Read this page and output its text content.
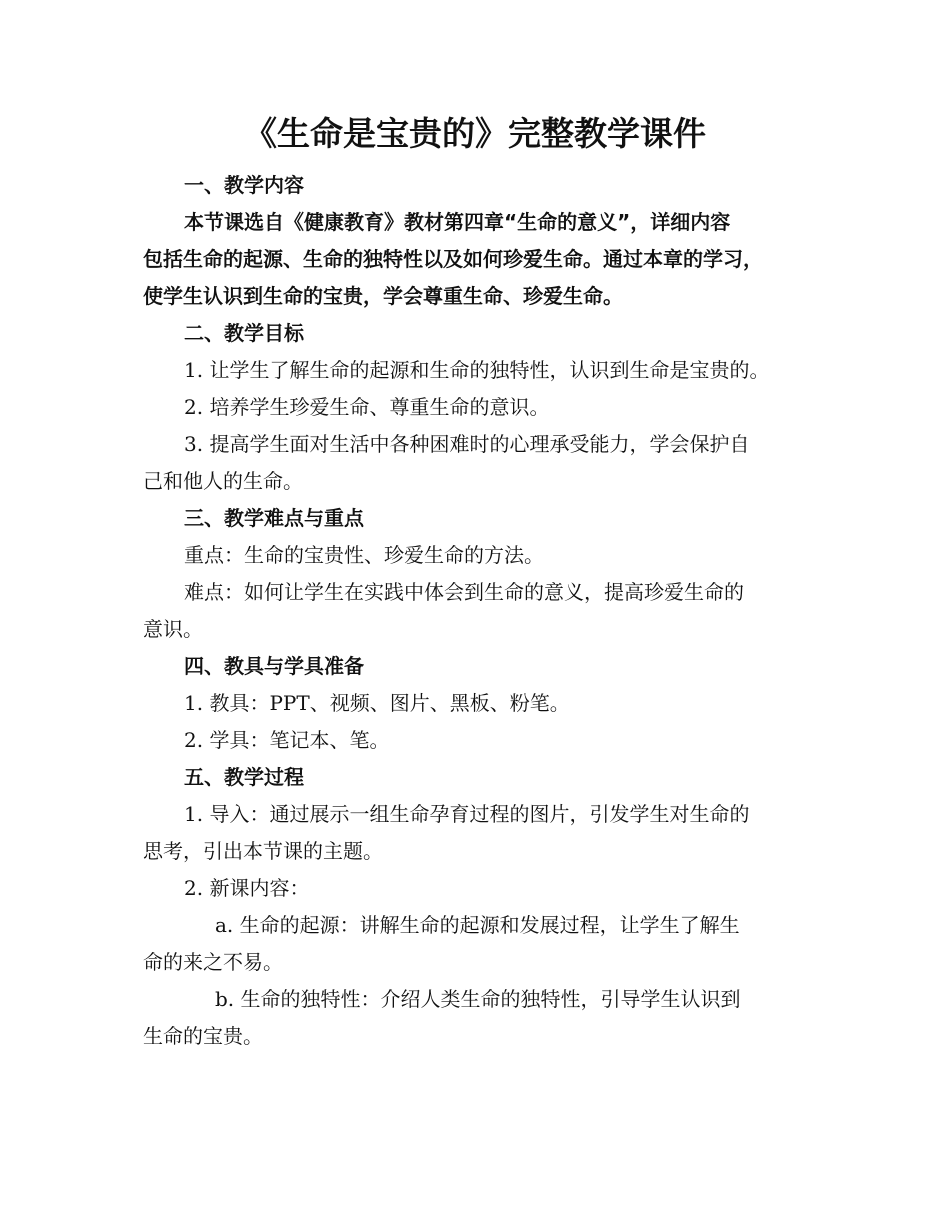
《生命是宝贵的》完整教学课件
一、教学内容
本节课选自《健康教育》教材第四章“生命的意义”，详细内容
包括生命的起源、生命的独特性以及如何珍爱生命。通过本章的学习，
使学生认识到生命的宝贵，学会尊重生命、珍爱生命。
二、教学目标
1. 让学生了解生命的起源和生命的独特性，认识到生命是宝贵的。
2. 培养学生珍爱生命、尊重生命的意识。
3. 提高学生面对生活中各种困难时的心理承受能力，学会保护自
己和他人的生命。
三、教学难点与重点
重点：生命的宝贵性、珍爱生命的方法。
难点：如何让学生在实践中体会到生命的意义，提高珍爱生命的
意识。
四、教具与学具准备
1. 教具：PPT、视频、图片、黑板、粉笔。
2. 学具：笔记本、笔。
五、教学过程
1. 导入：通过展示一组生命孕育过程的图片，引发学生对生命的
思考，引出本节课的主题。
2. 新课内容：
a. 生命的起源：讲解生命的起源和发展过程，让学生了解生
命的来之不易。
b. 生命的独特性：介绍人类生命的独特性，引导学生认识到
生命的宝贵。
